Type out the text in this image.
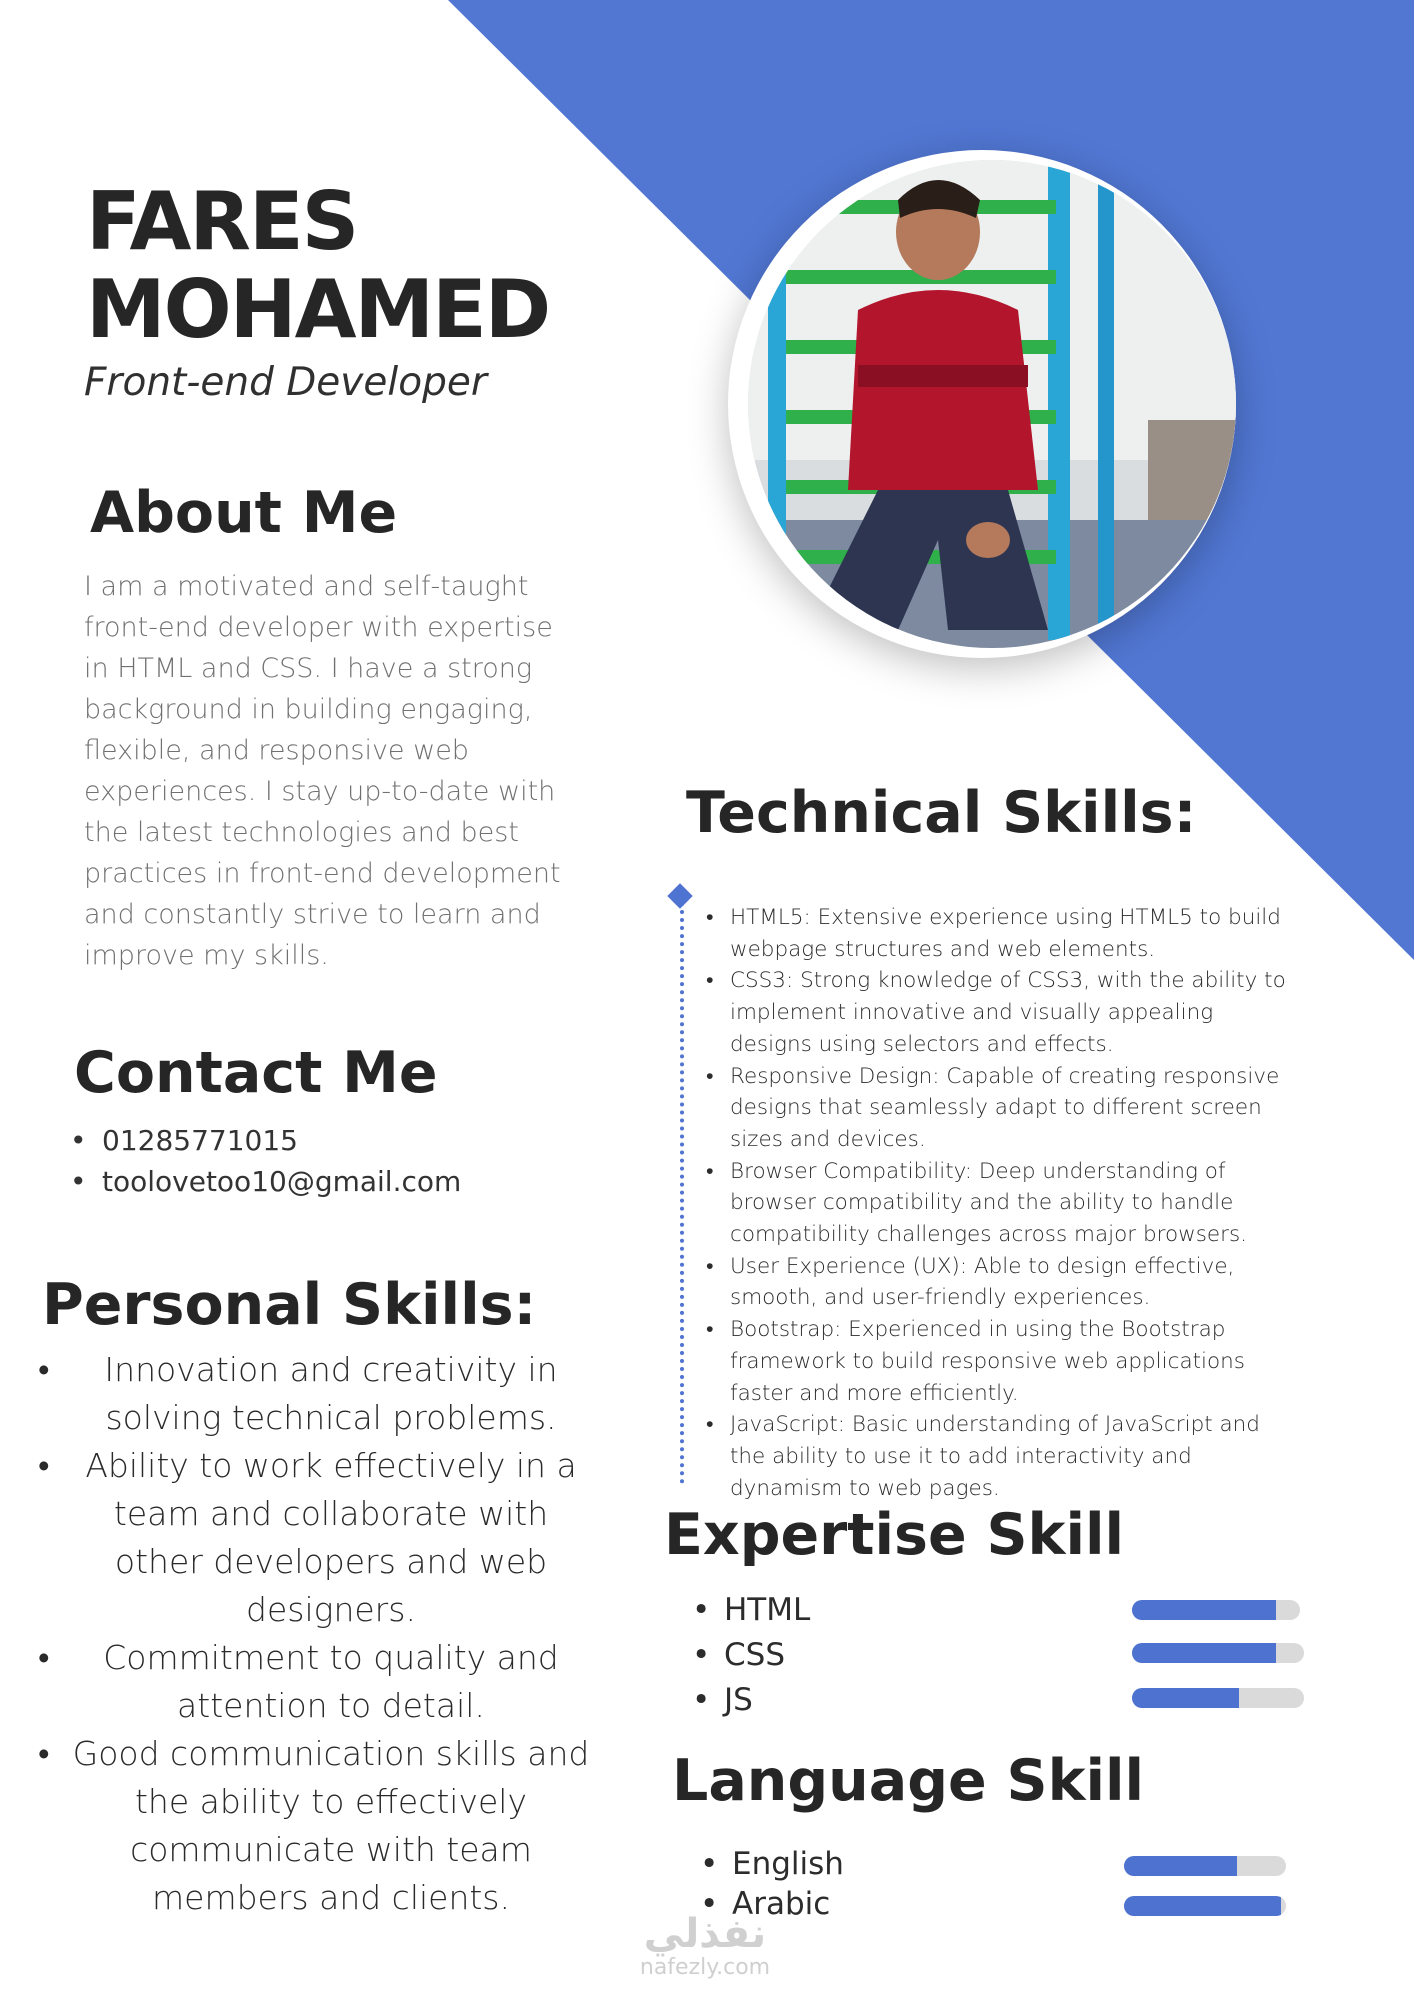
FARES
MOHAMED
Front-end Developer
About Me

I am a motivated and self-taught front-end developer with expertise in HTML and CSS. I have a strong background in building engaging, flexible, and responsive web experiences. I stay up-to-date with the latest technologies and best practices in front-end development and constantly strive to learn and improve my skills.

Contact Me
• 01285771015
• toolovetoo10@gmail.com
Personal Skills:
• Innovation and creativity in solving technical problems.
• Ability to work effectively in a team and collaborate with other developers and web designers.
• Commitment to quality and attention to detail.
• Good communication skills and the ability to effectively communicate with team members and clients.
Technical Skills:
• HTML5: Extensive experience using HTML5 to build webpage structures and web elements.
• CSS3: Strong knowledge of CSS3, with the ability to implement innovative and visually appealing designs using selectors and effects.
• Responsive Design: Capable of creating responsive designs that seamlessly adapt to different screen sizes and devices.
• Browser Compatibility: Deep understanding of browser compatibility and the ability to handle compatibility challenges across major browsers.
• User Experience (UX): Able to design effective, smooth, and user-friendly experiences.
• Bootstrap: Experienced in using the Bootstrap framework to build responsive web applications faster and more efficiently.
• JavaScript: Basic understanding of JavaScript and the ability to use it to add interactivity and dynamism to web pages.
Expertise Skill
• HTML
• CSS
• JS
Language Skill
• English
• Arabic
نفذلي
nafezly.com
